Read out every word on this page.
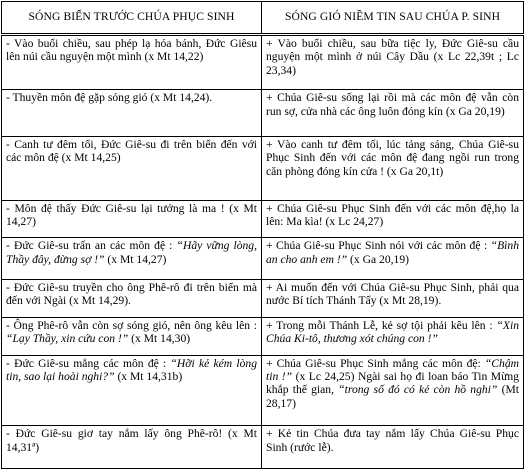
SÓNG BIỂN TRƯỚC CHÚA PHỤC SINH	SÓNG GIÓ NIỀM TIN SAU CHÚA P. SINH
- Vào buổi chiều, sau phép lạ hóa bánh, Đức Giêsu lên núi cầu nguyện một mình (x Mt 14,22)	+ Vào buổi chiều, sau bữa tiệc ly, Đức Giê-su cầu nguyện một mình ở núi Cây Dầu (x Lc 22,39t ; Lc 23,34)
- Thuyền môn đệ gặp sóng gió (x Mt 14,24).	+ Chúa Giê-su sống lại rồi mà các môn đệ vẫn còn run sợ, cửa nhà các ông luôn đóng kín (x Ga 20,19)
- Canh tư đêm tối, Đức Giê-su đi trên biển đến với các môn đệ (x Mt 14,25)	+ Vào canh tư đêm tối, lúc tảng sáng, Chúa Giê-su Phục Sinh đến với các môn đệ đang ngồi run trong căn phòng đóng kín cửa ! (x Ga 20,1t)
- Môn đệ thấy Đức Giê-su lại tưởng là ma ! (x Mt 14,27)	+ Chúa Giê-su Phục Sinh đến với các môn đệ,họ la lên: Ma kìa! (x Lc 24,27)
- Đức Giê-su trấn an các môn đệ : “Hãy vững lòng, Thầy đây, đừng sợ !” (x Mt 14,27)	+ Chúa Giê-su Phục Sinh nói với các môn đệ : “Bình an cho anh em !” (x Ga 20,19)
- Đức Giê-su truyền cho ông Phê-rô đi trên biển mà đến với Ngài (x Mt 14,29).	+ Ai muốn đến với Chúa Giê-su Phục Sinh, phải qua nước Bí tích Thánh Tẩy (x Mt 28,19).
- Ông Phê-rô vẫn còn sợ sóng gió, nên ông kêu lên : “Lạy Thầy, xin cứu con !” (x Mt 14,30)	+ Trong mỗi Thánh Lễ, kẻ sợ tội phải kêu lên : “Xin Chúa Ki-tô, thương xót chúng con !”
- Đức Giê-su mắng các môn đệ : “Hỡi kẻ kém lòng tin, sao lại hoài nghi?” (x Mt 14,31b)	+ Chúa Giê-su Phục Sinh mắng các môn đệ: “Chậm tin !” (x Lc 24,25) Ngài sai họ đi loan báo Tin Mừng khắp thế gian, “trong số đó có kẻ còn hồ nghi” (Mt 28,17)
- Đức Giê-su giơ tay nắm lấy ông Phê-rô! (x Mt 14,31ª)	+ Kẻ tin Chúa đưa tay nắm lấy Chúa Giê-su Phục Sinh (rước lễ).
